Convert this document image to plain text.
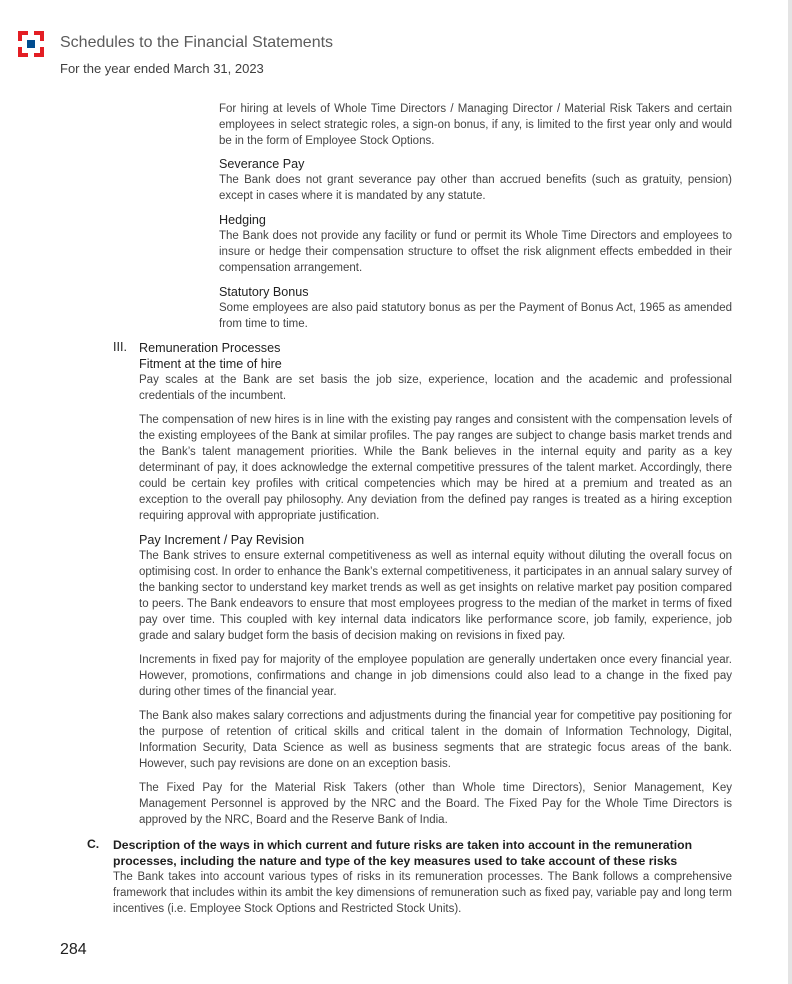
Schedules to the Financial Statements
For the year ended March 31, 2023

For hiring at levels of Whole Time Directors / Managing Director / Material Risk Takers and certain employees in select strategic roles, a sign-on bonus, if any, is limited to the first year only and would be in the form of Employee Stock Options.

Severance Pay

The Bank does not grant severance pay other than accrued benefits (such as gratuity, pension) except in cases where it is mandated by any statute.

Hedging

The Bank does not provide any facility or fund or permit its Whole Time Directors and employees to insure or hedge their compensation structure to offset the risk alignment effects embedded in their compensation arrangement.

Statutory Bonus

Some employees are also paid statutory bonus as per the Payment of Bonus Act, 1965 as amended from time to time.

III. Remuneration Processes

Fitment at the time of hire

Pay scales at the Bank are set basis the job size, experience, location and the academic and professional credentials of the incumbent.

The compensation of new hires is in line with the existing pay ranges and consistent with the compensation levels of the existing employees of the Bank at similar profiles. The pay ranges are subject to change basis market trends and the Bank’s talent management priorities. While the Bank believes in the internal equity and parity as a key determinant of pay, it does acknowledge the external competitive pressures of the talent market. Accordingly, there could be certain key profiles with critical competencies which may be hired at a premium and treated as an exception to the overall pay philosophy. Any deviation from the defined pay ranges is treated as a hiring exception requiring approval with appropriate justification.

Pay Increment / Pay Revision

The Bank strives to ensure external competitiveness as well as internal equity without diluting the overall focus on optimising cost. In order to enhance the Bank’s external competitiveness, it participates in an annual salary survey of the banking sector to understand key market trends as well as get insights on relative market pay position compared to peers. The Bank endeavors to ensure that most employees progress to the median of the market in terms of fixed pay over time. This coupled with key internal data indicators like performance score, job family, experience, job grade and salary budget form the basis of decision making on revisions in fixed pay.

Increments in fixed pay for majority of the employee population are generally undertaken once every financial year. However, promotions, confirmations and change in job dimensions could also lead to a change in the fixed pay during other times of the financial year.

The Bank also makes salary corrections and adjustments during the financial year for competitive pay positioning for the purpose of retention of critical skills and critical talent in the domain of Information Technology, Digital, Information Security, Data Science as well as business segments that are strategic focus areas of the bank. However, such pay revisions are done on an exception basis.

The Fixed Pay for the Material Risk Takers (other than Whole time Directors), Senior Management, Key Management Personnel is approved by the NRC and the Board. The Fixed Pay for the Whole Time Directors is approved by the NRC, Board and the Reserve Bank of India.

C. Description of the ways in which current and future risks are taken into account in the remuneration processes, including the nature and type of the key measures used to take account of these risks

The Bank takes into account various types of risks in its remuneration processes. The Bank follows a comprehensive framework that includes within its ambit the key dimensions of remuneration such as fixed pay, variable pay and long term incentives (i.e. Employee Stock Options and Restricted Stock Units).

284
